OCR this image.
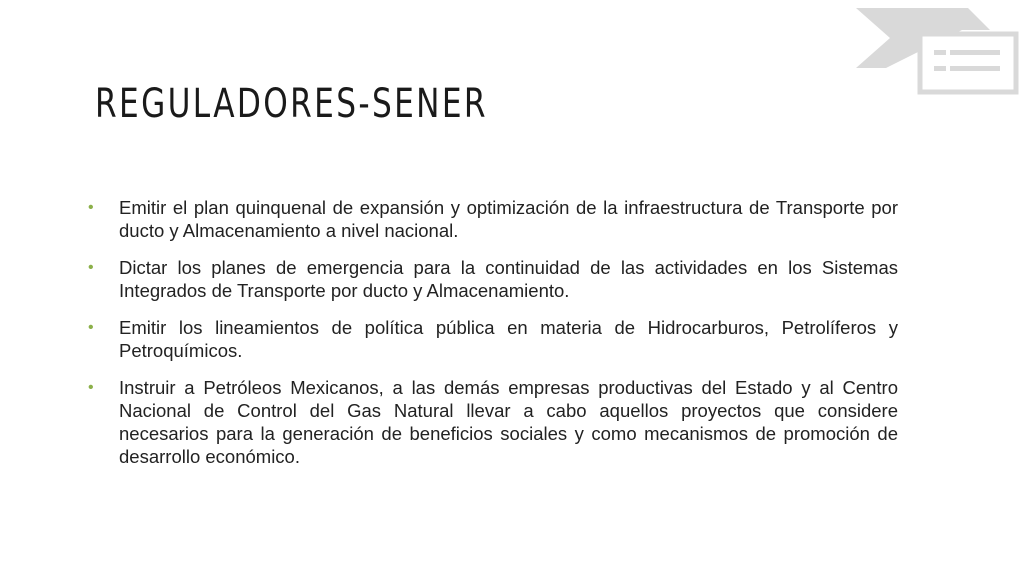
REGULADORES-SENER
•	Emitir el plan quinquenal de expansión y optimización de la infraestructura de Transporte por ducto y Almacenamiento a nivel nacional.
•	Dictar los planes de emergencia para la continuidad de las actividades en los Sistemas Integrados de Transporte por ducto y Almacenamiento.
•	Emitir los lineamientos de política pública en materia de Hidrocarburos, Petrolíferos y Petroquímicos.
•	Instruir a Petróleos Mexicanos, a las demás empresas productivas del Estado y al Centro Nacional de Control del Gas Natural llevar a cabo aquellos proyectos que considere necesarios para la generación de beneficios sociales y como mecanismos de promoción de desarrollo económico.
